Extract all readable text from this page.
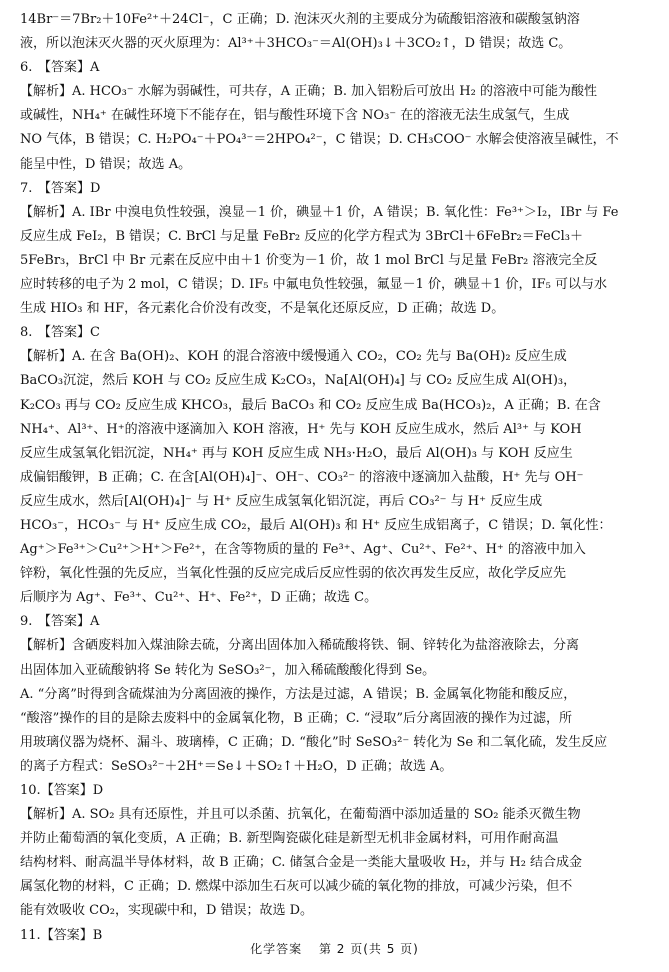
14Br⁻＝7Br₂＋10Fe²⁺＋24Cl⁻，C 正确；D. 泡沫灭火剂的主要成分为硫酸铝溶液和碳酸氢钠溶

液，所以泡沫灭火器的灭火原理为：Al³⁺＋3HCO₃⁻＝Al(OH)₃↓＋3CO₂↑，D 错误；故选 C。

6. 【答案】A

【解析】A. HCO₃⁻ 水解为弱碱性，可共存，A 正确；B. 加入铝粉后可放出 H₂ 的溶液中可能为酸性

或碱性，NH₄⁺ 在碱性环境下不能存在，铝与酸性环境下含 NO₃⁻ 在的溶液无法生成氢气，生成

NO 气体，B 错误；C. H₂PO₄⁻＋PO₄³⁻＝2HPO₄²⁻，C 错误；D. CH₃COO⁻ 水解会使溶液呈碱性，不

能呈中性，D 错误；故选 A。

7. 【答案】D

【解析】A. IBr 中溴电负性较强，溴显－1 价，碘显＋1 价，A 错误；B. 氧化性：Fe³⁺＞I₂，IBr 与 Fe

反应生成 FeI₂，B 错误；C. BrCl 与足量 FeBr₂ 反应的化学方程式为 3BrCl＋6FeBr₂＝FeCl₃＋

5FeBr₃，BrCl 中 Br 元素在反应中由＋1 价变为－1 价，故 1 mol BrCl 与足量 FeBr₂ 溶液完全反

应时转移的电子为 2 mol，C 错误；D. IF₅ 中氟电负性较强，氟显－1 价，碘显＋1 价，IF₅ 可以与水

生成 HIO₃ 和 HF，各元素化合价没有改变，不是氧化还原反应，D 正确；故选 D。

8. 【答案】C

【解析】A. 在含 Ba(OH)₂、KOH 的混合溶液中缓慢通入 CO₂，CO₂ 先与 Ba(OH)₂ 反应生成

BaCO₃沉淀，然后 KOH 与 CO₂ 反应生成 K₂CO₃，Na[Al(OH)₄] 与 CO₂ 反应生成 Al(OH)₃，

K₂CO₃ 再与 CO₂ 反应生成 KHCO₃，最后 BaCO₃ 和 CO₂ 反应生成 Ba(HCO₃)₂，A 正确；B. 在含

NH₄⁺、Al³⁺、H⁺的溶液中逐滴加入 KOH 溶液，H⁺ 先与 KOH 反应生成水，然后 Al³⁺ 与 KOH

反应生成氢氧化铝沉淀，NH₄⁺ 再与 KOH 反应生成 NH₃·H₂O，最后 Al(OH)₃ 与 KOH 反应生

成偏铝酸钾，B 正确；C. 在含[Al(OH)₄]⁻、OH⁻、CO₃²⁻ 的溶液中逐滴加入盐酸，H⁺ 先与 OH⁻

反应生成水，然后[Al(OH)₄]⁻ 与 H⁺ 反应生成氢氧化铝沉淀，再后 CO₃²⁻ 与 H⁺ 反应生成

HCO₃⁻，HCO₃⁻ 与 H⁺ 反应生成 CO₂，最后 Al(OH)₃ 和 H⁺ 反应生成铝离子，C 错误；D. 氧化性：

Ag⁺＞Fe³⁺＞Cu²⁺＞H⁺＞Fe²⁺，在含等物质的量的 Fe³⁺、Ag⁺、Cu²⁺、Fe²⁺、H⁺ 的溶液中加入

锌粉，氧化性强的先反应，当氧化性强的反应完成后反应性弱的依次再发生反应，故化学反应先

后顺序为 Ag⁺、Fe³⁺、Cu²⁺、H⁺、Fe²⁺，D 正确；故选 C。

9. 【答案】A

【解析】含硒废料加入煤油除去硫，分离出固体加入稀硫酸将铁、铜、锌转化为盐溶液除去，分离

出固体加入亚硫酸钠将 Se 转化为 SeSO₃²⁻，加入稀硫酸酸化得到 Se。

A. “分离”时得到含硫煤油为分离固液的操作，方法是过滤，A 错误；B. 金属氧化物能和酸反应，

“酸溶”操作的目的是除去废料中的金属氧化物，B 正确；C. “浸取”后分离固液的操作为过滤，所

用玻璃仪器为烧杯、漏斗、玻璃棒，C 正确；D. “酸化”时 SeSO₃²⁻ 转化为 Se 和二氧化硫，发生反应

的离子方程式：SeSO₃²⁻＋2H⁺＝Se↓＋SO₂↑＋H₂O，D 正确；故选 A。

10.【答案】D

【解析】A. SO₂ 具有还原性，并且可以杀菌、抗氧化，在葡萄酒中添加适量的 SO₂ 能杀灭微生物

并防止葡萄酒的氧化变质，A 正确；B. 新型陶瓷碳化硅是新型无机非金属材料，可用作耐高温

结构材料、耐高温半导体材料，故 B 正确；C. 储氢合金是一类能大量吸收 H₂，并与 H₂ 结合成金

属氢化物的材料，C 正确；D. 燃煤中添加生石灰可以减少硫的氧化物的排放，可减少污染，但不

能有效吸收 CO₂，实现碳中和，D 错误；故选 D。

11.【答案】B

化学答案 第 2 页(共 5 页)
